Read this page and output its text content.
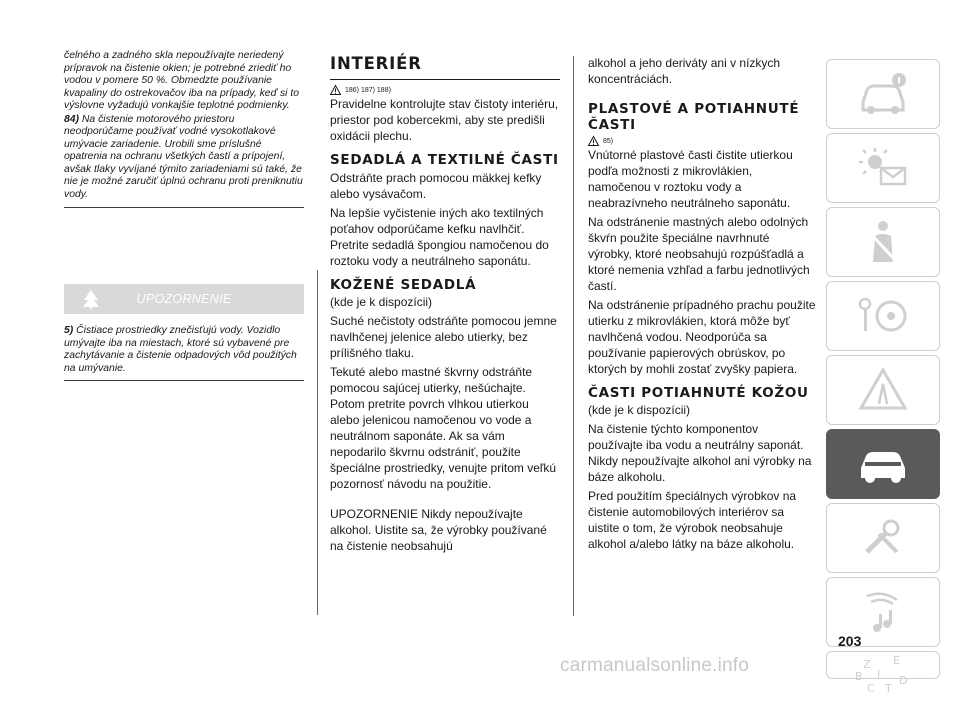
čelného a zadného skla nepoužívajte neriedený prípravok na čistenie okien; je potrebné zriediť ho vodou v pomere 50 %. Obmedzte používanie kvapaliny do ostrekovačov iba na prípady, keď si to výslovne vyžadujú vonkajšie teplotné podmienky.

84) Na čistenie motorového priestoru neodporúčame používať vodné vysokotlakové umývacie zariadenie. Urobili sme príslušné opatrenia na ochranu všetkých častí a prípojení, avšak tlaky vyvíjané týmito zariadeniami sú také, že nie je možné zaručiť úplnú ochranu proti preniknutiu vody.

UPOZORNENIE

5) Čistiace prostriedky znečisťujú vody. Vozidlo umývajte iba na miestach, ktoré sú vybavené pre zachytávanie a čistenie odpadových vôd použitých na umývanie.

INTERIÉR
186) 187) 188)

Pravidelne kontrolujte stav čistoty interiéru, priestor pod kobercekmi, aby ste predišli oxidácii plechu.

SEDADLÁ A TEXTILNÉ ČASTI

Odstráňte prach pomocou mäkkej kefky alebo vysávačom.

Na lepšie vyčistenie iných ako textilných poťahov odporúčame kefku navlhčiť. Pretrite sedadlá špongiou namočenou do roztoku vody a neutrálneho saponátu.

KOŽENÉ SEDADLÁ

(kde je k dispozícii)

Suché nečistoty odstráňte pomocou jemne navlhčenej jelenice alebo utierky, bez prílišného tlaku.

Tekuté alebo mastné škvrny odstráňte pomocou sajúcej utierky, nešúchajte. Potom pretrite povrch vlhkou utierkou alebo jelenicou namočenou vo vode a neutrálnom saponáte. Ak sa vám nepodarilo škvrnu odstrániť, použite špeciálne prostriedky, venujte pritom veľkú pozornosť návodu na použitie.

UPOZORNENIE Nikdy nepoužívajte alkohol. Uistite sa, že výrobky používané na čistenie neobsahujú

alkohol a jeho deriváty ani v nízkych koncentráciách.

PLASTOVÉ A POTIAHNUTÉ ČASTI
85)

Vnútorné plastové časti čistite utierkou podľa možnosti z mikrovlákien, namočenou v roztoku vody a neabrazívneho neutrálneho saponátu.

Na odstránenie mastných alebo odolných škvŕn použite špeciálne navrhnuté výrobky, ktoré neobsahujú rozpúšťadlá a ktoré nemenia vzhľad a farbu jednotlivých častí.

Na odstránenie prípadného prachu použite utierku z mikrovlákien, ktorá môže byť navlhčená vodou. Neodporúča sa používanie papierových obrúskov, po ktorých by mohli zostať zvyšky papiera.

ČASTI POTIAHNUTÉ KOŽOU

(kde je k dispozícii)

Na čistenie týchto komponentov používajte iba vodu a neutrálny saponát. Nikdy nepoužívajte alkohol ani výrobky na báze alkoholu.

Pred použitím špeciálnych výrobkov na čistenie automobilových interiérov sa uistite o tom, že výrobok neobsahuje alkohol a/alebo látky na báze alkoholu.

Z E
B I
C T
D
203
carmanualsonline.info
